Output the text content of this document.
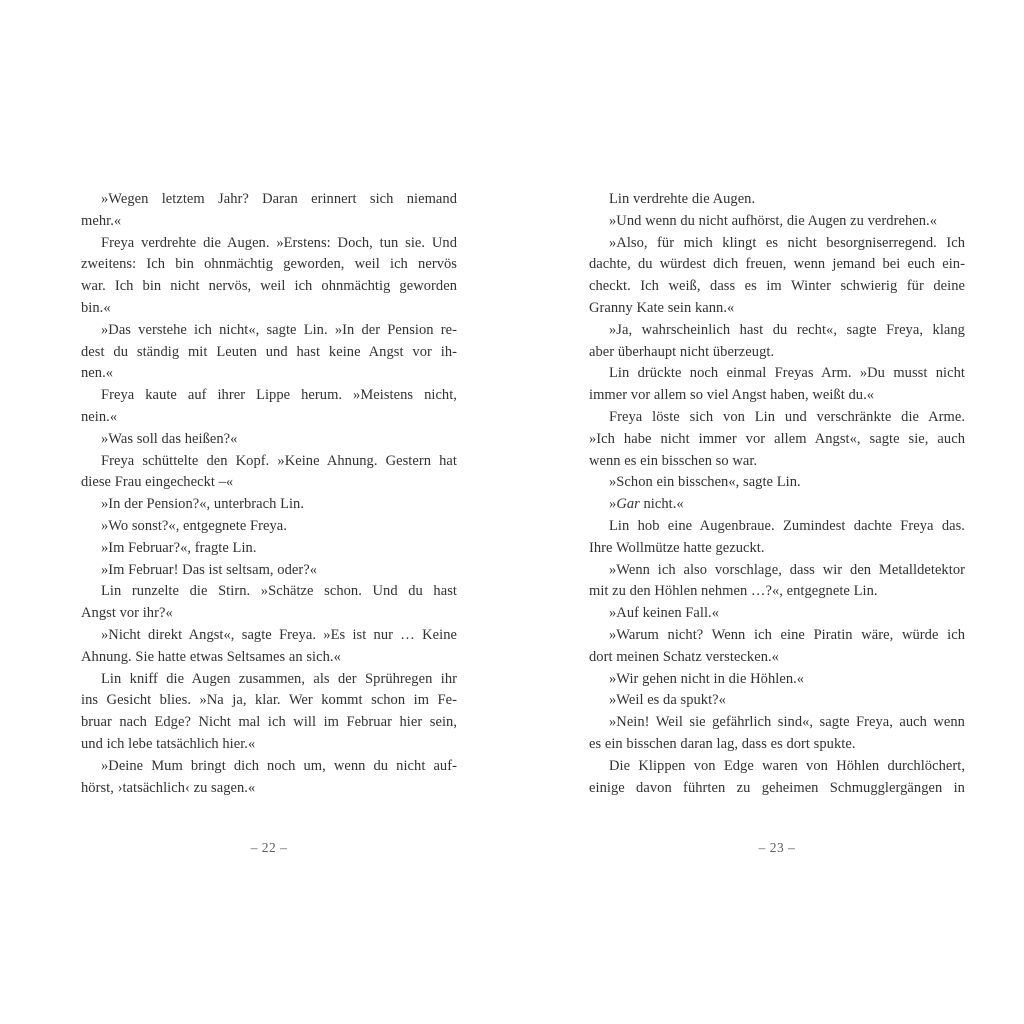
»Wegen letztem Jahr? Daran erinnert sich niemand
mehr.«
Freya verdrehte die Augen. »Erstens: Doch, tun sie. Und
zweitens: Ich bin ohnmächtig geworden, weil ich nervös
war. Ich bin nicht nervös, weil ich ohnmächtig geworden
bin.«
»Das verstehe ich nicht«, sagte Lin. »In der Pension re-
dest du ständig mit Leuten und hast keine Angst vor ih-
nen.«
Freya kaute auf ihrer Lippe herum. »Meistens nicht,
nein.«
»Was soll das heißen?«
Freya schüttelte den Kopf. »Keine Ahnung. Gestern hat
diese Frau eingecheckt –«
»In der Pension?«, unterbrach Lin.
»Wo sonst?«, entgegnete Freya.
»Im Februar?«, fragte Lin.
»Im Februar! Das ist seltsam, oder?«
Lin runzelte die Stirn. »Schätze schon. Und du hast
Angst vor ihr?«
»Nicht direkt Angst«, sagte Freya. »Es ist nur … Keine
Ahnung. Sie hatte etwas Seltsames an sich.«
Lin kniff die Augen zusammen, als der Sprühregen ihr
ins Gesicht blies. »Na ja, klar. Wer kommt schon im Fe-
bruar nach Edge? Nicht mal ich will im Februar hier sein,
und ich lebe tatsächlich hier.«
»Deine Mum bringt dich noch um, wenn du nicht auf-
hörst, ›tatsächlich‹ zu sagen.«
– 22 –
Lin verdrehte die Augen.
»Und wenn du nicht aufhörst, die Augen zu verdrehen.«
»Also, für mich klingt es nicht besorgniserregend. Ich
dachte, du würdest dich freuen, wenn jemand bei euch ein-
checkt. Ich weiß, dass es im Winter schwierig für deine
Granny Kate sein kann.«
»Ja, wahrscheinlich hast du recht«, sagte Freya, klang
aber überhaupt nicht überzeugt.
Lin drückte noch einmal Freyas Arm. »Du musst nicht
immer vor allem so viel Angst haben, weißt du.«
Freya löste sich von Lin und verschränkte die Arme.
»Ich habe nicht immer vor allem Angst«, sagte sie, auch
wenn es ein bisschen so war.
»Schon ein bisschen«, sagte Lin.
»Gar nicht.«
Lin hob eine Augenbraue. Zumindest dachte Freya das.
Ihre Wollmütze hatte gezuckt.
»Wenn ich also vorschlage, dass wir den Metalldetektor
mit zu den Höhlen nehmen …?«, entgegnete Lin.
»Auf keinen Fall.«
»Warum nicht? Wenn ich eine Piratin wäre, würde ich
dort meinen Schatz verstecken.«
»Wir gehen nicht in die Höhlen.«
»Weil es da spukt?«
»Nein! Weil sie gefährlich sind«, sagte Freya, auch wenn
es ein bisschen daran lag, dass es dort spukte.
Die Klippen von Edge waren von Höhlen durchlöchert,
einige davon führten zu geheimen Schmugglergängen in
– 23 –
